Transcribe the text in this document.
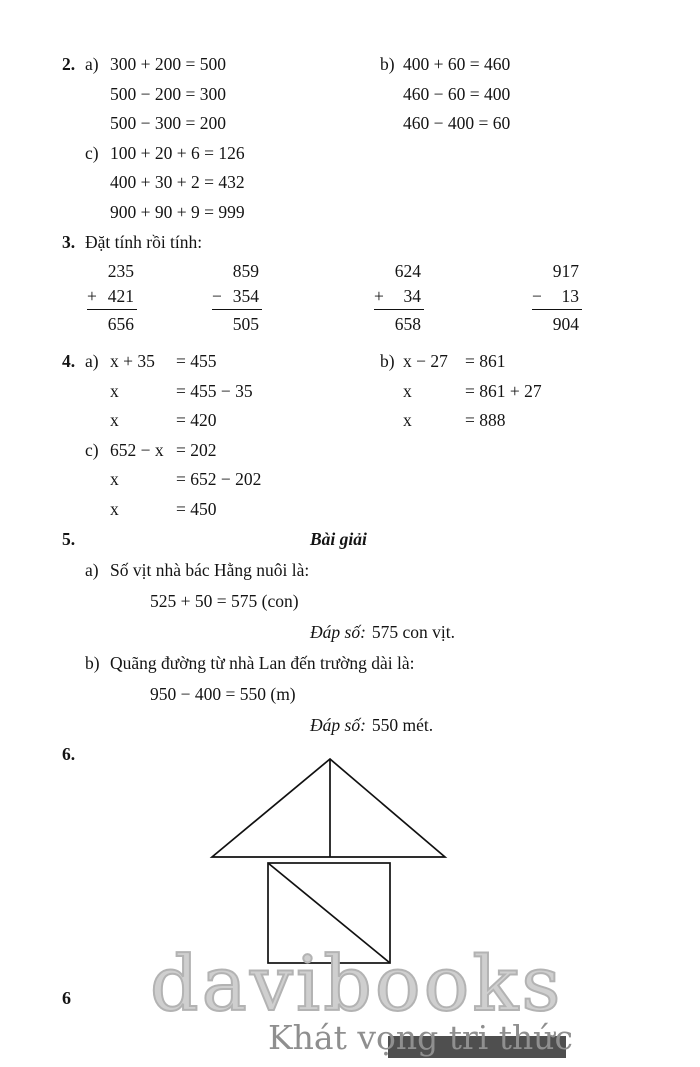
2. a) 300 + 200 = 500	b) 400 + 60 = 460
500 − 200 = 300	460 − 60 = 400
500 − 300 = 200	460 − 400 = 60
c) 100 + 20 + 6 = 126
400 + 30 + 2 = 432
900 + 90 + 9 = 999
3. Đặt tính rồi tính:
235
+ 421
656
859
− 354
505
624
+ 34
658
917
− 13
904
4. a) x + 35 = 455	b) x − 27 = 861
x	= 455 − 35	x	= 861 + 27
x	= 420	x	= 888
c) 652 − x = 202
x	= 652 − 202
x	= 450
5.	Bài giải
a) Số vịt nhà bác Hằng nuôi là:
525 + 50 = 575 (con)
Đáp số: 575 con vịt.
b) Quãng đường từ nhà Lan đến trường dài là:
950 − 400 = 550 (m)
Đáp số: 550 mét.
6.
davibooks
Khát vọng tri thức
6
